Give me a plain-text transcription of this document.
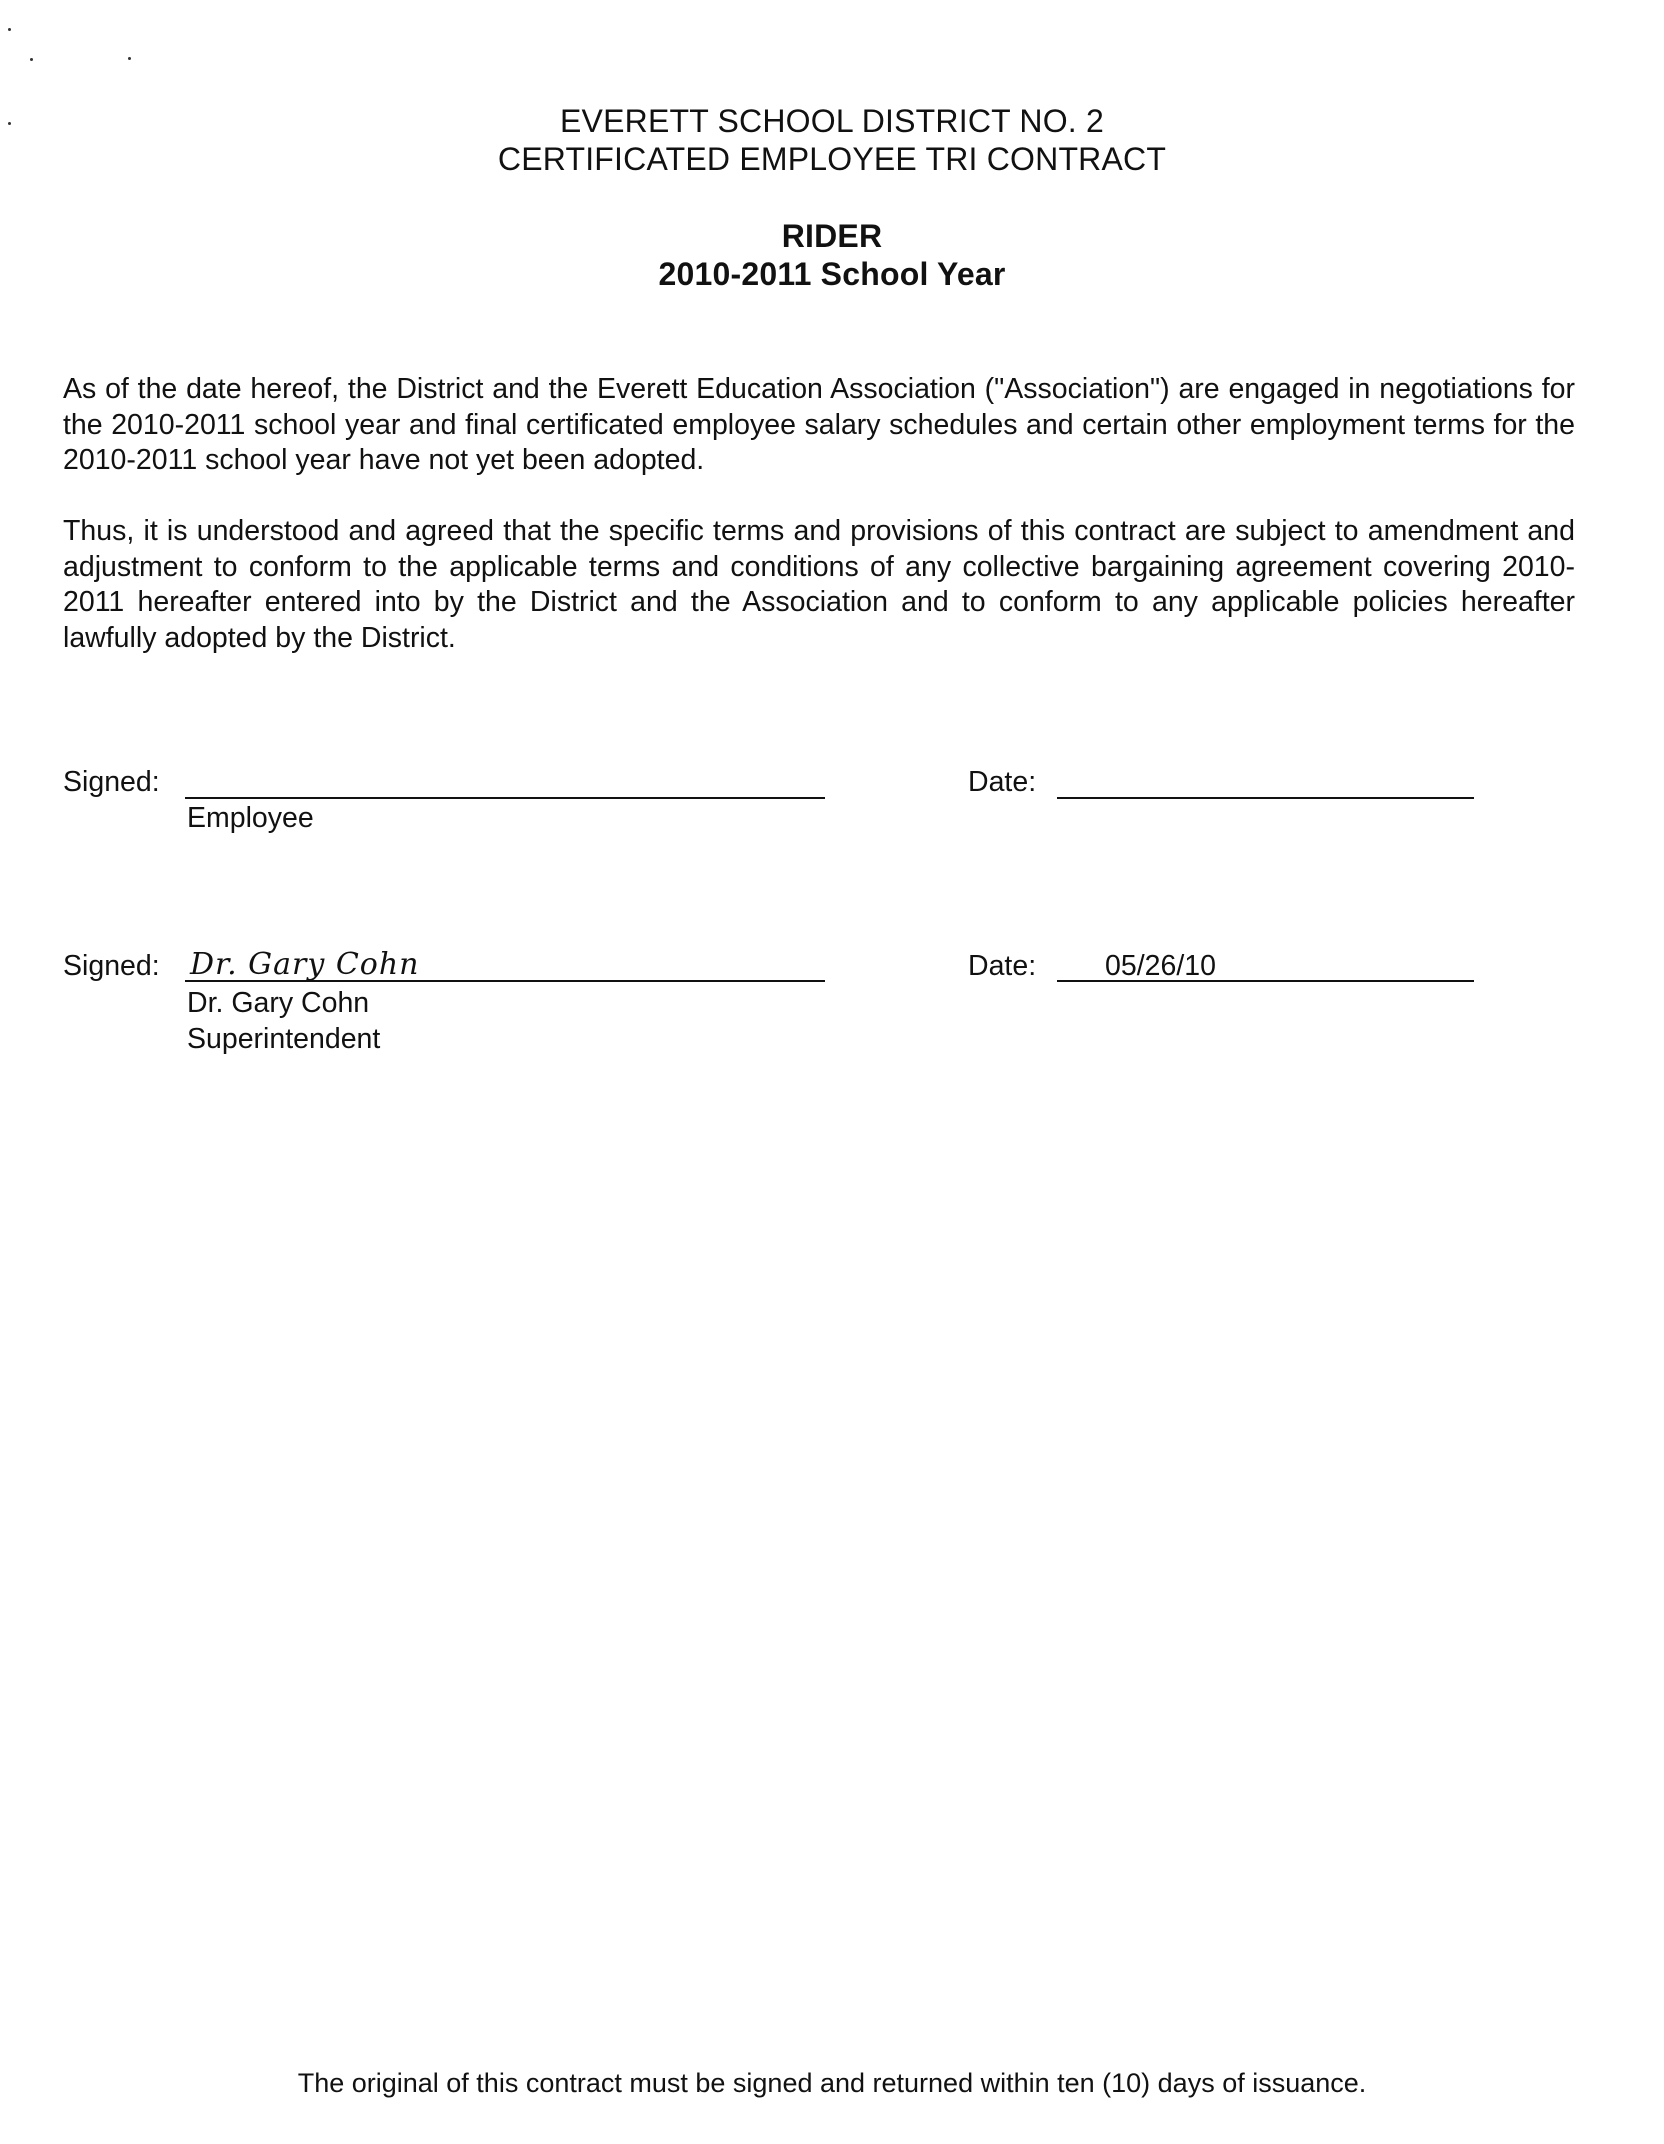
EVERETT SCHOOL DISTRICT NO. 2
CERTIFICATED EMPLOYEE TRI CONTRACT
RIDER
2010-2011 School Year
As of the date hereof, the District and the Everett Education Association ("Association") are engaged in negotiations for the 2010-2011 school year and final certificated employee salary schedules and certain other employment terms for the 2010-2011 school year have not yet been adopted.
Thus, it is understood and agreed that the specific terms and provisions of this contract are subject to amendment and adjustment to conform to the applicable terms and conditions of any collective bargaining agreement covering 2010-2011 hereafter entered into by the District and the Association and to conform to any applicable policies hereafter lawfully adopted by the District.
Signed:
Employee
Date:
Signed: Dr. Gary Cohn
Dr. Gary Cohn
Superintendent
Date: 05/26/10
The original of this contract must be signed and returned within ten (10) days of issuance.
